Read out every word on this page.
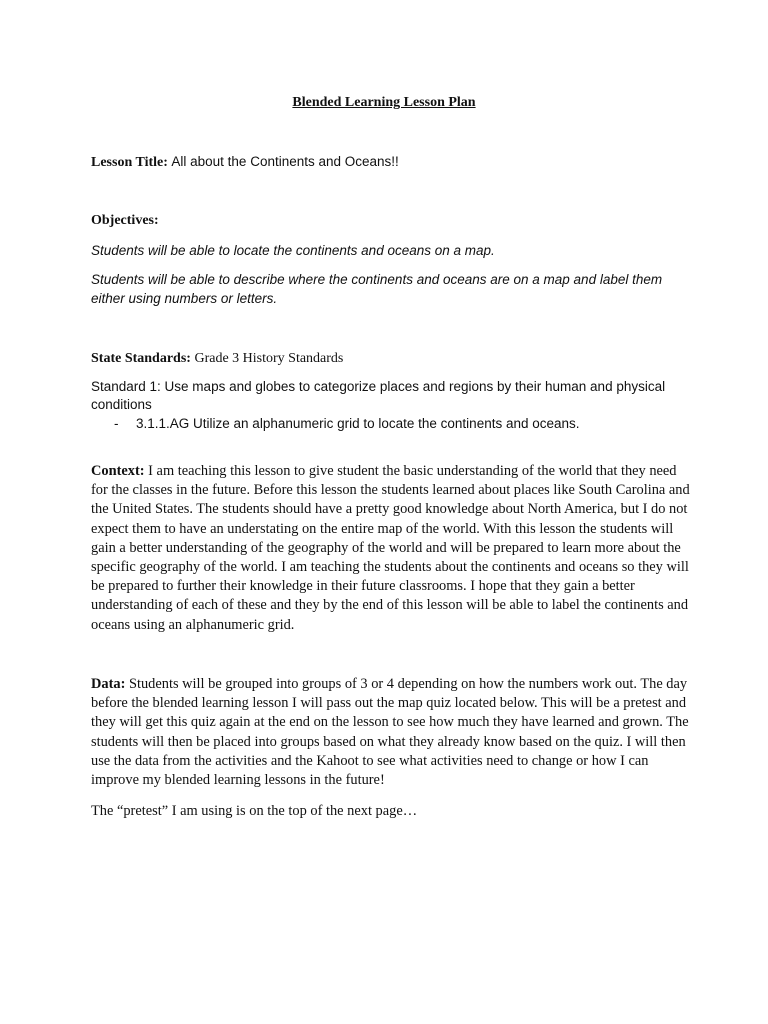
Blended Learning Lesson Plan

Lesson Title: All about the Continents and Oceans!!

Objectives:

Students will be able to locate the continents and oceans on a map.

Students will be able to describe where the continents and oceans are on a map and label them either using numbers or letters.

State Standards: Grade 3 History Standards

Standard 1: Use maps and globes to categorize places and regions by their human and physical conditions

- 3.1.1.AG Utilize an alphanumeric grid to locate the continents and oceans.

Context: I am teaching this lesson to give student the basic understanding of the world that they need for the classes in the future. Before this lesson the students learned about places like South Carolina and the United States. The students should have a pretty good knowledge about North America, but I do not expect them to have an understating on the entire map of the world. With this lesson the students will gain a better understanding of the geography of the world and will be prepared to learn more about the specific geography of the world. I am teaching the students about the continents and oceans so they will be prepared to further their knowledge in their future classrooms. I hope that they gain a better understanding of each of these and they by the end of this lesson will be able to label the continents and oceans using an alphanumeric grid.

Data: Students will be grouped into groups of 3 or 4 depending on how the numbers work out. The day before the blended learning lesson I will pass out the map quiz located below. This will be a pretest and they will get this quiz again at the end on the lesson to see how much they have learned and grown. The students will then be placed into groups based on what they already know based on the quiz. I will then use the data from the activities and the Kahoot to see what activities need to change or how I can improve my blended learning lessons in the future!

The “pretest” I am using is on the top of the next page…
